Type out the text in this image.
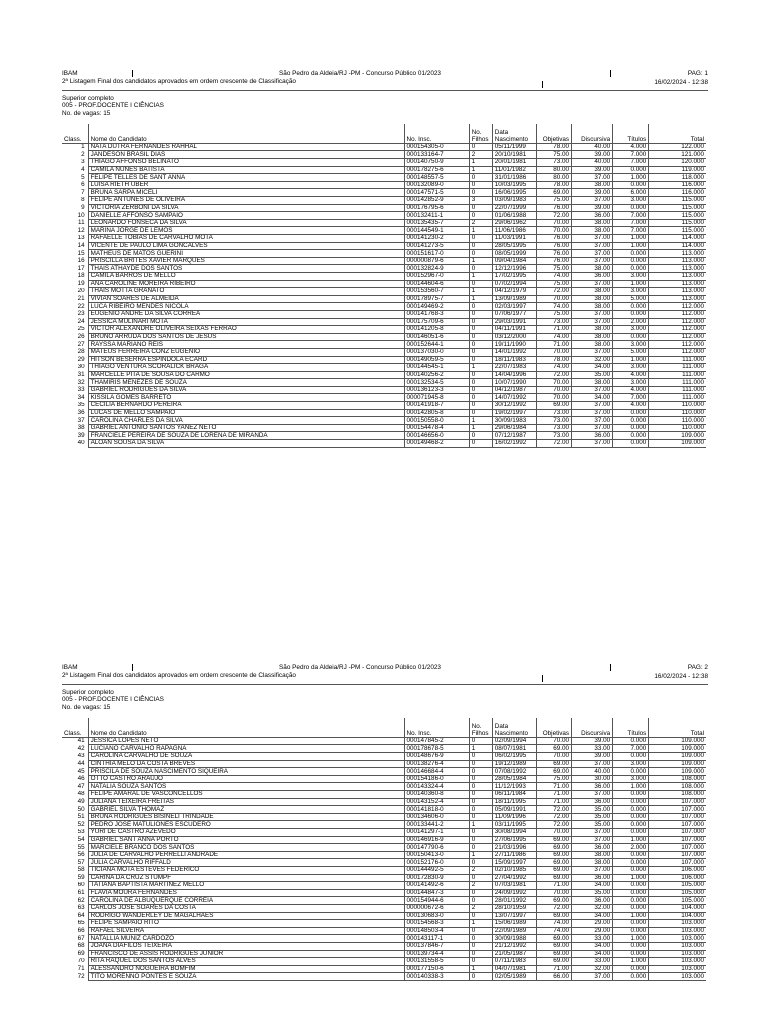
IBAM
2ª Listagem Final dos candidatos aprovados em ordem crescente de Classificação
São Pedro da Aldeia/RJ -PM - Concurso Público 01/2023	PAG: 1
16/02/2024 - 12:38
Superior completo
005 - PROF.DOCENTE I CIÊNCIAS
No. de vagas: 15
Class.	Nome do Candidato	No. Insc.	No. Filhos	Data Nascimento	Objetivas	Discursiva	Títulos	Total
1	NATA DUTRA FERNANDES RAHHAL	000154305-0	0	05/11/1999	78.00	40.00	4.000	122.000
2	JANDESON BRASIL DIAS	000133164-7	2	20/10/1981	75.00	39.00	7.000	121.000
3	THIAGO AFFONSO BELINATO	000140750-9	1	20/01/1981	73.00	40.00	7.000	120.000
4	CAMILA NUNES BATISTA	000178275-6	1	11/01/1982	80.00	39.00	0.000	119.000
5	FELIPE TELLES DE SANT ANNA	000148557-5	0	31/01/1986	80.00	37.00	1.000	118.000
6	LUISA RIETH UBER	000132089-0	0	10/03/1995	78.00	38.00	0.000	116.000
7	BRUNA SARPA MICELI	000147571-5	0	16/06/1995	69.00	39.00	6.000	116.000
8	FELIPE ANTUNES DE OLIVEIRA	000142852-9	3	03/09/1983	75.00	37.00	3.000	115.000
9	VICTORIA ZERBONI DA SILVA	000176795-6	0	22/07/1999	76.00	39.00	0.000	115.000
10	DANIELLE AFFONSO SAMPAIO	000132411-1	0	01/06/1988	72.00	36.00	7.000	115.000
11	LEONARDO FONSECA DA SILVA	000135435-7	2	29/06/1962	70.00	38.00	7.000	115.000
12	MARINA JORGE DE LEMOS	000144549-1	1	11/06/1986	70.00	38.00	7.000	115.000
13	RAFAELLE TOBIAS DE CARVALHO MOTA	000141230-2	0	11/03/1991	76.00	37.00	1.000	114.000
14	VICENTE DE PAULO LIMA GONCALVES	000141273-5	0	28/05/1995	76.00	37.00	1.000	114.000
15	MATHEUS DE MATOS GUERINI	000151617-0	0	08/05/1999	76.00	37.00	0.000	113.000
16	PRISCILLA BRITES XAVIER MARQUES	000000879-6	1	09/04/1984	76.00	37.00	0.000	113.000
17	THAIS ATHAYDE DOS SANTOS	000132824-9	0	12/12/1996	75.00	38.00	0.000	113.000
18	CAMILA BARROS DE MELLO	000152967-0	1	17/02/1995	74.00	36.00	3.000	113.000
19	ANA CAROLINE MOREIRA RIBEIRO	000144604-6	0	07/02/1994	75.00	37.00	1.000	113.000
20	THAIS MOTTA GRANATO	000153560-7	1	04/12/1979	72.00	38.00	3.000	113.000
21	VIVIAN SOARES DE ALMEIDA	000178975-7	1	13/09/1989	70.00	38.00	5.000	113.000
22	LUCA RIBEIRO MENDES NICOLA	000149469-2	0	02/03/1997	74.00	38.00	0.000	112.000
23	EUGENIO ANDRE DA SILVA CORREA	000141768-3	0	07/06/1977	75.00	37.00	0.000	112.000
24	JESSICA MULINARI MOTA	000175709-6	0	29/03/1991	73.00	37.00	2.000	112.000
25	VICTOR ALEXANDRE OLIVEIRA SEIXAS FERRAO	000141205-8	0	04/11/1991	71.00	38.00	3.000	112.000
26	BRUNO ARRUDA DOS SANTOS DE JESUS	000146051-6	0	03/12/2000	74.00	38.00	0.000	112.000
27	RAYSSA MARIANO REIS	000152644-1	0	19/11/1990	71.00	38.00	3.000	112.000
28	MATEUS FERREIRA CONZ EUGENIO	000137030-0	0	14/01/1992	70.00	37.00	5.000	112.000
29	HITSON BESERRA ESPINDOLA ECARD	000149059-5	0	18/11/1983	78.00	32.00	1.000	111.000
30	THIAGO VENTURA SCORALICK BRAGA	000144545-1	1	22/07/1983	74.00	34.00	3.000	111.000
31	MARCELLE PITA DE SOUSA DO CARMO	000140256-2	0	14/04/1996	72.00	35.00	4.000	111.000
32	THAMIRIS MENEZES DE SOUZA	000132534-5	0	10/07/1990	70.00	38.00	3.000	111.000
33	GABRIEL RODRIGUES DA SILVA	000136123-3	0	04/12/1987	70.00	37.00	4.000	111.000
34	KISSILA GOMES BARRETO	000071945-8	0	14/07/1992	70.00	34.00	7.000	111.000
35	CECILIA BERNARDO PEREIRA	000141918-7	0	30/12/1992	69.00	37.00	4.000	110.000
36	LUCAS DE MELLO SAMPAIO	000142805-8	0	19/02/1997	73.00	37.00	0.000	110.000
37	CAROLINA CHARLES DA SILVA	000150558-0	1	30/09/1983	73.00	37.00	0.000	110.000
38	GABRIEL ANTONIO SANTOS YANEZ NETO	000154478-4	1	29/06/1984	73.00	37.00	0.000	110.000
39	FRANCIELE PEREIRA DE SOUZA DE LORENA DE MIRANDA	000146656-0	0	07/12/1987	73.00	36.00	0.000	109.000
40	ALOAN SOUSA DA SILVA	000149468-2	0	16/02/1992	72.00	37.00	0.000	109.000
IBAM
2ª Listagem Final dos candidatos aprovados em ordem crescente de Classificação
São Pedro da Aldeia/RJ -PM - Concurso Público 01/2023	PAG: 2
16/02/2024 - 12:38
Superior completo
005 - PROF.DOCENTE I CIÊNCIAS
No. de vagas: 15
Class.	Nome do Candidato	No. Insc.	No. Filhos	Data Nascimento	Objetivas	Discursiva	Títulos	Total
41	JESSICA LOPES NETO	000147845-2	0	02/09/1994	70.00	39.00	0.000	109.000
42	LUCIANO CARVALHO RAPAGNA	000178678-5	1	08/07/1981	69.00	33.00	7.000	109.000
43	CAROLINA CARVALHO DE SOUZA	000148676-9	0	06/02/1995	70.00	39.00	0.000	109.000
44	CINTHIA MELO DA COSTA BREVES	000138276-4	0	19/12/1989	69.00	37.00	3.000	109.000
45	PRISCILA DE SOUZA NASCIMENTO SIQUEIRA	000146684-4	0	07/08/1992	69.00	40.00	0.000	109.000
46	OTTO CASTRO ARAUJO	000154186-0	0	28/05/1984	75.00	30.00	3.000	108.000
47	NATALIA SOUZA SANTOS	000143324-4	0	11/12/1993	71.00	36.00	1.000	108.000
48	FELIPE AMARAL DE VASCONCELLOS	000140360-8	0	06/11/1984	71.00	37.00	0.000	108.000
49	JULIANA TEIXEIRA FREITAS	000143152-4	0	18/11/1995	71.00	36.00	0.000	107.000
50	GABRIEL SILVA THOMAZ	000141818-0	0	05/09/1991	72.00	35.00	0.000	107.000
51	BRUNA RODRIGUES BISINELI TRINDADE	000134606-0	0	11/09/1996	72.00	35.00	0.000	107.000
52	PEDRO JOSE MATULIONES ESCUDERO	000133441-2	1	03/11/1995	72.00	35.00	0.000	107.000
53	YURI DE CASTRO AZEVEDO	000141297-1	0	30/08/1994	70.00	37.00	0.000	107.000
54	GABRIEL SANT ANNA PORTO	000146916-9	0	27/06/1995	69.00	37.00	1.000	107.000
55	MARCIELE BRANCO DOS SANTOS	000147790-6	0	21/03/1996	69.00	36.00	2.000	107.000
56	JULIA DE CARVALHO PERRELLI ANDRADE	000150413-0	1	27/11/1986	69.00	38.00	0.000	107.000
57	JULIA CARVALHO RIFFALD	000152176-0	0	15/09/1997	69.00	38.00	0.000	107.000
58	TICIANA MOTA ESTEVES FEDERICO	000144492-5	2	02/10/1985	69.00	37.00	0.000	106.000
59	CARINA DA CRUZ STUMPF	000172830-9	0	27/04/1992	69.00	36.00	1.000	106.000
60	TATIANA BAPTISTA MARTINEZ MELLO	000141492-6	2	07/03/1981	71.00	34.00	0.000	105.000
61	FLAVIA MOURA FERNANDES	000144847-3	0	24/09/1992	70.00	35.00	0.000	105.000
62	CAROLINA DE ALBUQUERQUE CORREIA	000154944-6	0	28/01/1992	69.00	36.00	0.000	105.000
63	CARLOS JOSE SOARES DA COSTA	000000672-6	2	28/10/1959	72.00	32.00	0.000	104.000
64	RODRIGO WANDERLEY DE MAGALHAES	000130683-0	0	13/07/1997	69.00	34.00	1.000	104.000
65	FELIPE SAMPAIO RITO	000154568-3	1	15/06/1989	74.00	29.00	0.000	103.000
66	RAFAEL SILVEIRA	000148503-4	0	22/09/1989	74.00	29.00	0.000	103.000
67	NATALLIA MUNIZ CARDOZO	000143117-1	0	30/09/1988	69.00	33.00	1.000	103.000
68	JOANA DIAFILOS TEIXEIRA	000137846-7	0	21/12/1992	69.00	34.00	0.000	103.000
69	FRANCISCO DE ASSIS RODRIGUES JUNIOR	000139734-4	0	21/05/1987	69.00	34.00	0.000	103.000
70	RITA RAQUEL DOS SANTOS ALVES	000131558-5	0	07/11/1983	69.00	33.00	1.000	103.000
71	ALESSANDRO NOGUEIRA BOMFIM	000177150-6	1	04/07/1981	71.00	32.00	0.000	103.000
72	TITO MORENNO PONTES E SOUZA	000140338-3	0	02/05/1989	66.00	37.00	0.000	103.000
